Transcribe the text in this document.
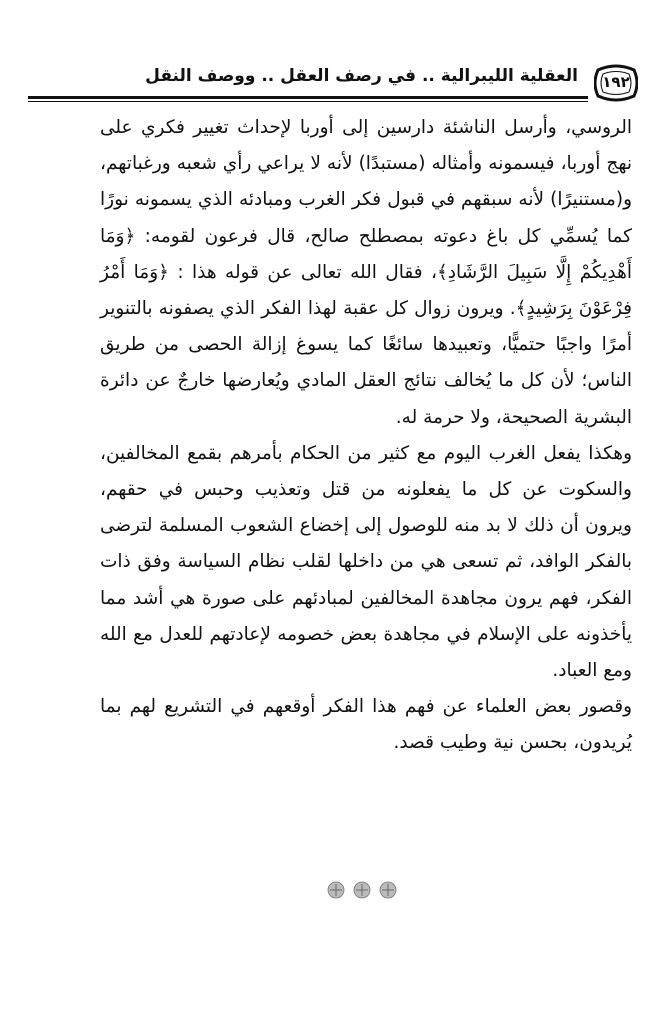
العقلية الليبرالية .. في رصف العقل .. ووصف النقل	١٩٢

الروسي، وأرسل الناشئة دارسين إلى أوربا لإحداث تغيير فكري على نهج أوربا، فيسمونه وأمثاله (مستبدًا) لأنه لا يراعي رأي شعبه ورغباتهم، و(مستنيرًا) لأنه سبقهم في قبول فكر الغرب ومبادئه الذي يسمونه نورًا كما يُسمِّي كل باغ دعوته بمصطلح صالح، قال فرعون لقومه: ﴿وَمَا أَهْدِيكُمْ إِلَّا سَبِيلَ الرَّشَادِ﴾، فقال الله تعالى عن قوله هذا : ﴿وَمَا أَمْرُ فِرْعَوْنَ بِرَشِيدٍ﴾. ويرون زوال كل عقبة لهذا الفكر الذي يصفونه بالتنوير أمرًا واجبًا حتميًّا، وتعبيدها سائغًا كما يسوغ إزالة الحصى من طريق الناس؛ لأن كل ما يُخالف نتائج العقل المادي ويُعارضها خارجٌ عن دائرة البشرية الصحيحة، ولا حرمة له.

وهكذا يفعل الغرب اليوم مع كثير من الحكام بأمرهم بقمع المخالفين، والسكوت عن كل ما يفعلونه من قتل وتعذيب وحبس في حقهم، ويرون أن ذلك لا بد منه للوصول إلى إخضاع الشعوب المسلمة لترضى بالفكر الوافد، ثم تسعى هي من داخلها لقلب نظام السياسة وفق ذات الفكر، فهم يرون مجاهدة المخالفين لمبادئهم على صورة هي أشد مما يأخذونه على الإسلام في مجاهدة بعض خصومه لإعادتهم للعدل مع الله ومع العباد.

وقصور بعض العلماء عن فهم هذا الفكر أوقعهم في التشريع لهم بما يُريدون، بحسن نية وطيب قصد.
